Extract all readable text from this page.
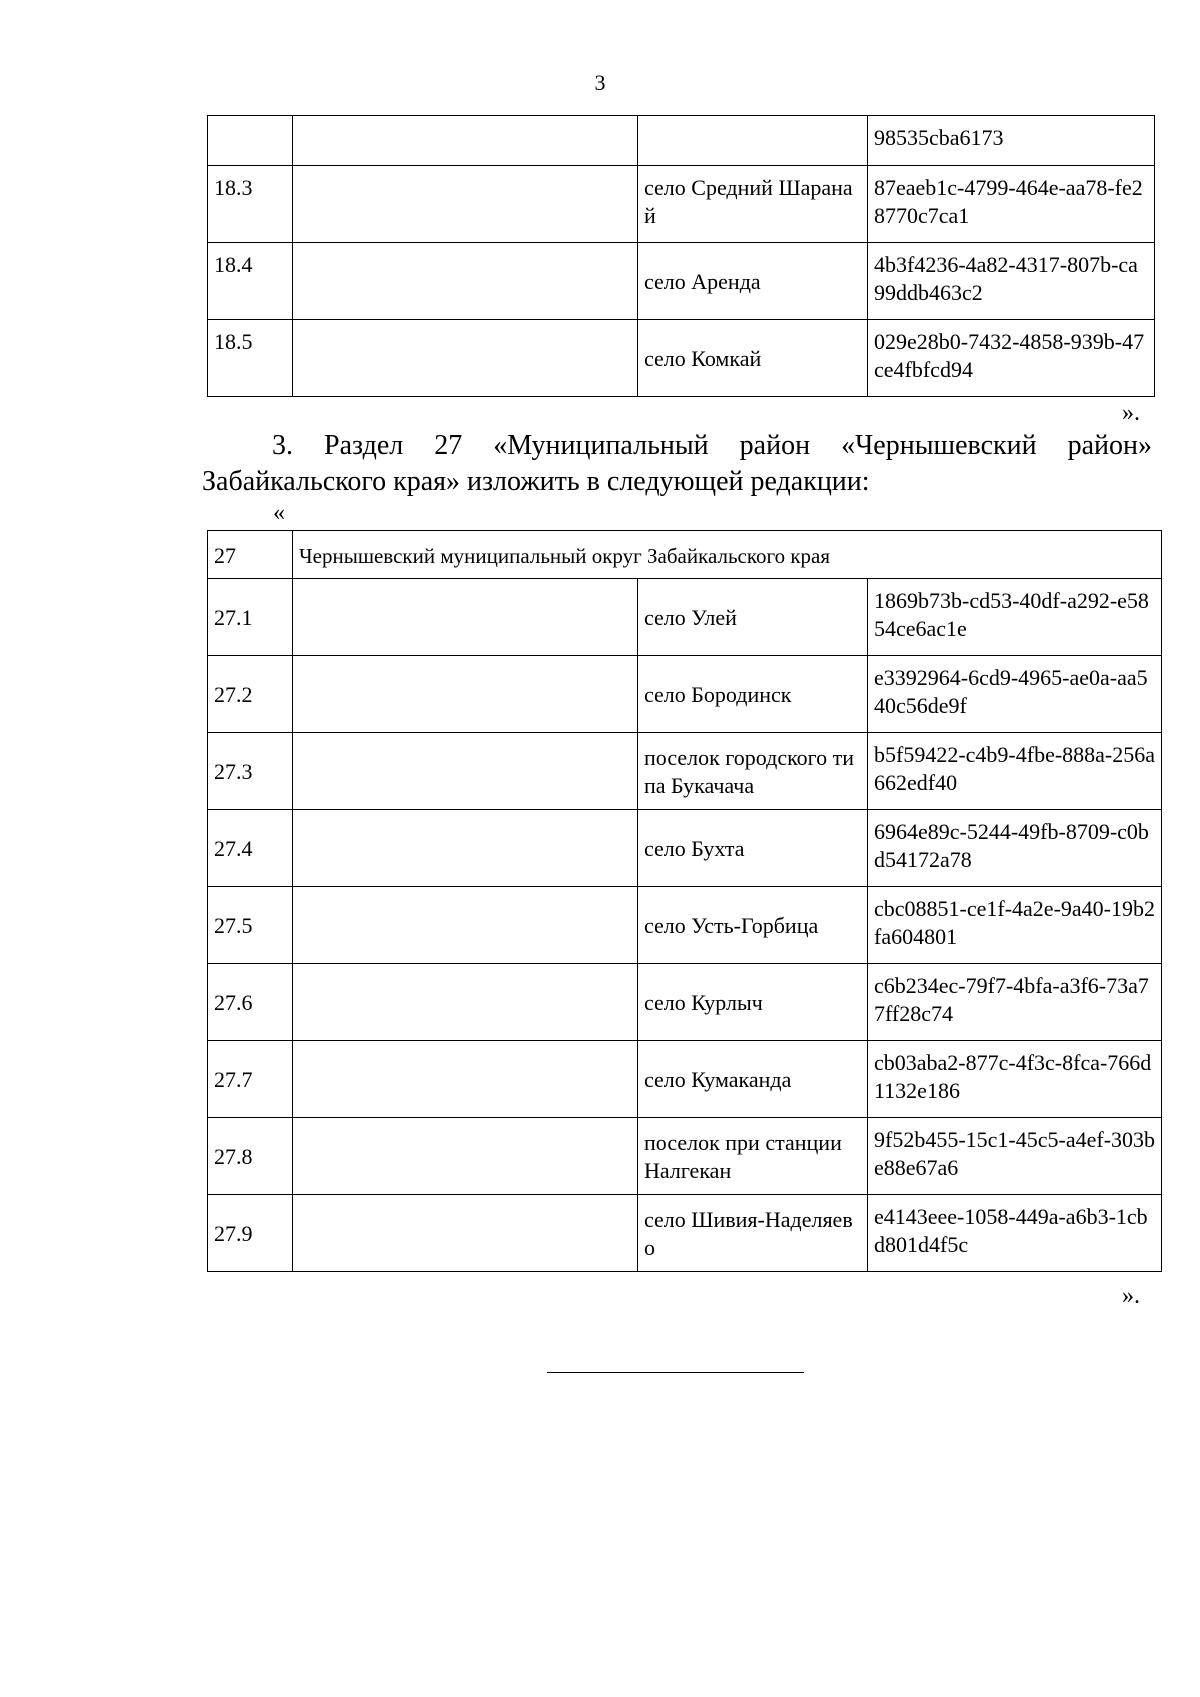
3
			98535cba6173
18.3		село Средний Шаранай	87eaeb1c-4799-464e-aa78-fe28770c7ca1
18.4		село Аренда	4b3f4236-4a82-4317-807b-ca99ddb463c2
18.5		село Комкай	029e28b0-7432-4858-939b-47ce4fbfcd94
».
3. Раздел 27 «Муниципальный район «Чернышевский район» Забайкальского края» изложить в следующей редакции:
«
27	Чернышевский муниципальный округ Забайкальского края		
27.1		село Улей	1869b73b-cd53-40df-a292-e5854ce6ac1e
27.2		село Бородинск	e3392964-6cd9-4965-ae0a-aa540c56de9f
27.3		поселок городского типа Букачача	b5f59422-c4b9-4fbe-888a-256a662edf40
27.4		село Бухта	6964e89c-5244-49fb-8709-c0bd54172a78
27.5		село Усть-Горбица	cbc08851-ce1f-4a2e-9a40-19b2fa604801
27.6		село Курлыч	c6b234ec-79f7-4bfa-a3f6-73a77ff28c74
27.7		село Кумаканда	cb03aba2-877c-4f3c-8fca-766d1132e186
27.8		поселок при станции Налгекан	9f52b455-15c1-45c5-a4ef-303be88e67a6
27.9		село Шивия-Наделяево	e4143eee-1058-449a-a6b3-1cbd801d4f5c
».
